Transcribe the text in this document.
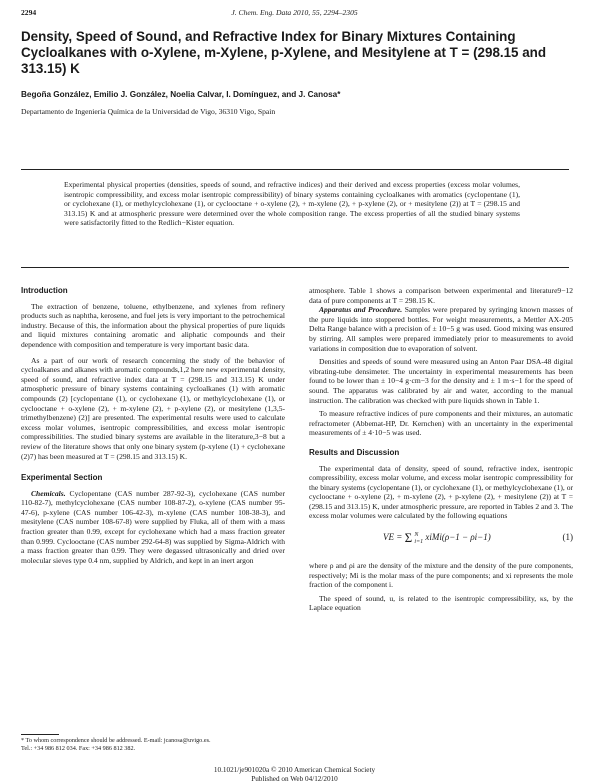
2294	J. Chem. Eng. Data 2010, 55, 2294–2305
Density, Speed of Sound, and Refractive Index for Binary Mixtures Containing Cycloalkanes with o-Xylene, m-Xylene, p-Xylene, and Mesitylene at T = (298.15 and 313.15) K
Begoña González, Emilio J. González, Noelia Calvar, I. Domínguez, and J. Canosa*
Departamento de Ingeniería Química de la Universidad de Vigo, 36310 Vigo, Spain

Experimental physical properties (densities, speeds of sound, and refractive indices) and their derived and excess properties (excess molar volumes, isentropic compressibility, and excess molar isentropic compressibility) of binary systems containing cycloalkanes with aromatics (cyclopentane (1), or cyclohexane (1), or methylcyclohexane (1), or cyclooctane + o-xylene (2), + m-xylene (2), + p-xylene (2), or + mesitylene (2)) at T = (298.15 and 313.15) K and at atmospheric pressure were determined over the whole composition range. The excess properties of all the studied binary systems were satisfactorily fitted to the Redlich−Kister equation.

Introduction

The extraction of benzene, toluene, ethylbenzene, and xylenes from refinery products such as naphtha, kerosene, and fuel jets is very important to the petrochemical industry. Because of this, the information about the physical properties of pure liquids and liquid mixtures containing aromatic and aliphatic compounds and their dependence with composition and temperature is very important basic data.

As a part of our work of research concerning the study of the behavior of cycloalkanes and alkanes with aromatic compounds,1,2 here new experimental density, speed of sound, and refractive index data at T = (298.15 and 313.15) K under atmospheric pressure of binary systems containing cycloalkanes (1) with aromatic compounds (2) [cyclopentane (1), or cyclohexane (1), or methylcyclohexane (1), or cyclooctane + o-xylene (2), + m-xylene (2), + p-xylene (2), or mesitylene (1,3,5-trimethylbenzene) (2)] are presented. The experimental results were used to calculate excess molar volumes, isentropic compressibilities, and excess molar isentropic compressibilities. The studied binary systems are available in the literature,3−8 but a review of the literature shows that only one binary system (p-xylene (1) + cyclohexane (2)7) has been measured at T = (298.15 and 313.15) K.

Experimental Section

Chemicals. Cyclopentane (CAS number 287-92-3), cyclohexane (CAS number 110-82-7), methylcyclohexane (CAS number 108-87-2), o-xylene (CAS number 95-47-6), p-xylene (CAS number 106-42-3), m-xylene (CAS number 108-38-3), and mesitylene (CAS number 108-67-8) were supplied by Fluka, all of them with a mass fraction greater than 0.99, except for cyclohexane which had a mass fraction greater than 0.999. Cyclooctane (CAS number 292-64-8) was supplied by Sigma-Aldrich with a mass fraction greater than 0.99. They were degassed ultrasonically and dried over molecular sieves type 0.4 nm, supplied by Aldrich, and kept in an inert argon

atmosphere. Table 1 shows a comparison between experimental and literature9−12 data of pure components at T = 298.15 K.

Apparatus and Procedure. Samples were prepared by syringing known masses of the pure liquids into stoppered bottles. For weight measurements, a Mettler AX-205 Delta Range balance with a precision of ± 10−5 g was used. Good mixing was ensured by stirring. All samples were prepared immediately prior to measurements to avoid variations in composition due to evaporation of solvent.

Densities and speeds of sound were measured using an Anton Paar DSA-48 digital vibrating-tube densimeter. The uncertainty in experimental measurements has been found to be lower than ± 10−4 g·cm−3 for the density and ± 1 m·s−1 for the speed of sound. The apparatus was calibrated by air and water, according to the manual instruction. The calibration was checked with pure liquids shown in Table 1.

To measure refractive indices of pure components and their mixtures, an automatic refractometer (Abbemat-HP, Dr. Kernchen) with an uncertainty in the experimental measurements of ± 4·10−5 was used.

Results and Discussion

The experimental data of density, speed of sound, refractive index, isentropic compressibility, excess molar volume, and excess molar isentropic compressibility for the binary systems (cyclopentane (1), or cyclohexane (1), or methylcyclohexane (1), or cyclooctane + o-xylene (2), + m-xylene (2), + p-xylene (2), + mesitylene (2)) at T = (298.15 and 313.15) K, under atmospheric pressure, are reported in Tables 2 and 3. The excess molar volumes were calculated by the following equations

VE = Σ $^N_{i=1}$ xiMi(ρ−1 − ρi−1)	(1)

where ρ and ρi are the density of the mixture and the density of the pure components, respectively; Mi is the molar mass of the pure components; and xi represents the mole fraction of the component i.

The speed of sound, u, is related to the isentropic compressibility, κs, by the Laplace equation

* To whom correspondence should be addressed. E-mail: jcanosa@uvigo.es.
Tel.: +34 986 812 034. Fax: +34 986 812 382.
10.1021/je901020a © 2010 American Chemical Society
Published on Web 04/12/2010
